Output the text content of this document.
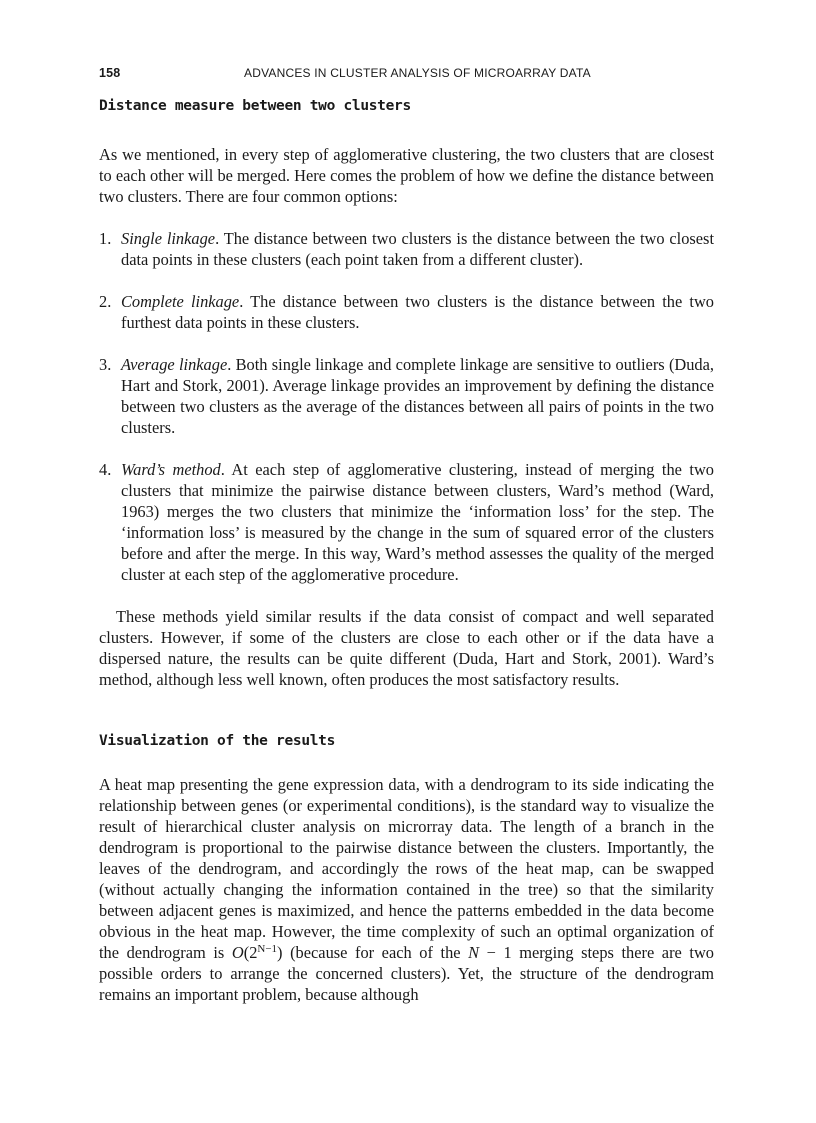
158	ADVANCES IN CLUSTER ANALYSIS OF MICROARRAY DATA
Distance measure between two clusters

As we mentioned, in every step of agglomerative clustering, the two clusters that are closest to each other will be merged. Here comes the problem of how we define the distance between two clusters. There are four common options:

1. Single linkage. The distance between two clusters is the distance between the two closest data points in these clusters (each point taken from a different cluster).
2. Complete linkage. The distance between two clusters is the distance between the two furthest data points in these clusters.
3. Average linkage. Both single linkage and complete linkage are sensitive to outliers (Duda, Hart and Stork, 2001). Average linkage provides an improvement by defining the distance between two clusters as the average of the distances between all pairs of points in the two clusters.
4. Ward’s method. At each step of agglomerative clustering, instead of merging the two clusters that minimize the pairwise distance between clusters, Ward’s method (Ward, 1963) merges the two clusters that minimize the ‘information loss’ for the step. The ‘information loss’ is measured by the change in the sum of squared error of the clusters before and after the merge. In this way, Ward’s method assesses the quality of the merged cluster at each step of the agglomerative procedure.

These methods yield similar results if the data consist of compact and well separated clusters. However, if some of the clusters are close to each other or if the data have a dispersed nature, the results can be quite different (Duda, Hart and Stork, 2001). Ward’s method, although less well known, often produces the most satisfactory results.

Visualization of the results

A heat map presenting the gene expression data, with a dendrogram to its side indicating the relationship between genes (or experimental conditions), is the standard way to visualize the result of hierarchical cluster analysis on microrray data. The length of a branch in the dendrogram is proportional to the pairwise distance between the clusters. Importantly, the leaves of the dendrogram, and accordingly the rows of the heat map, can be swapped (without actually changing the information contained in the tree) so that the similarity between adjacent genes is maximized, and hence the patterns embedded in the data become obvious in the heat map. However, the time complexity of such an optimal organization of the dendrogram is $O(2^{N-1})$ (because for each of the N − 1 merging steps there are two possible orders to arrange the concerned clusters). Yet, the structure of the dendrogram remains an important problem, because although
